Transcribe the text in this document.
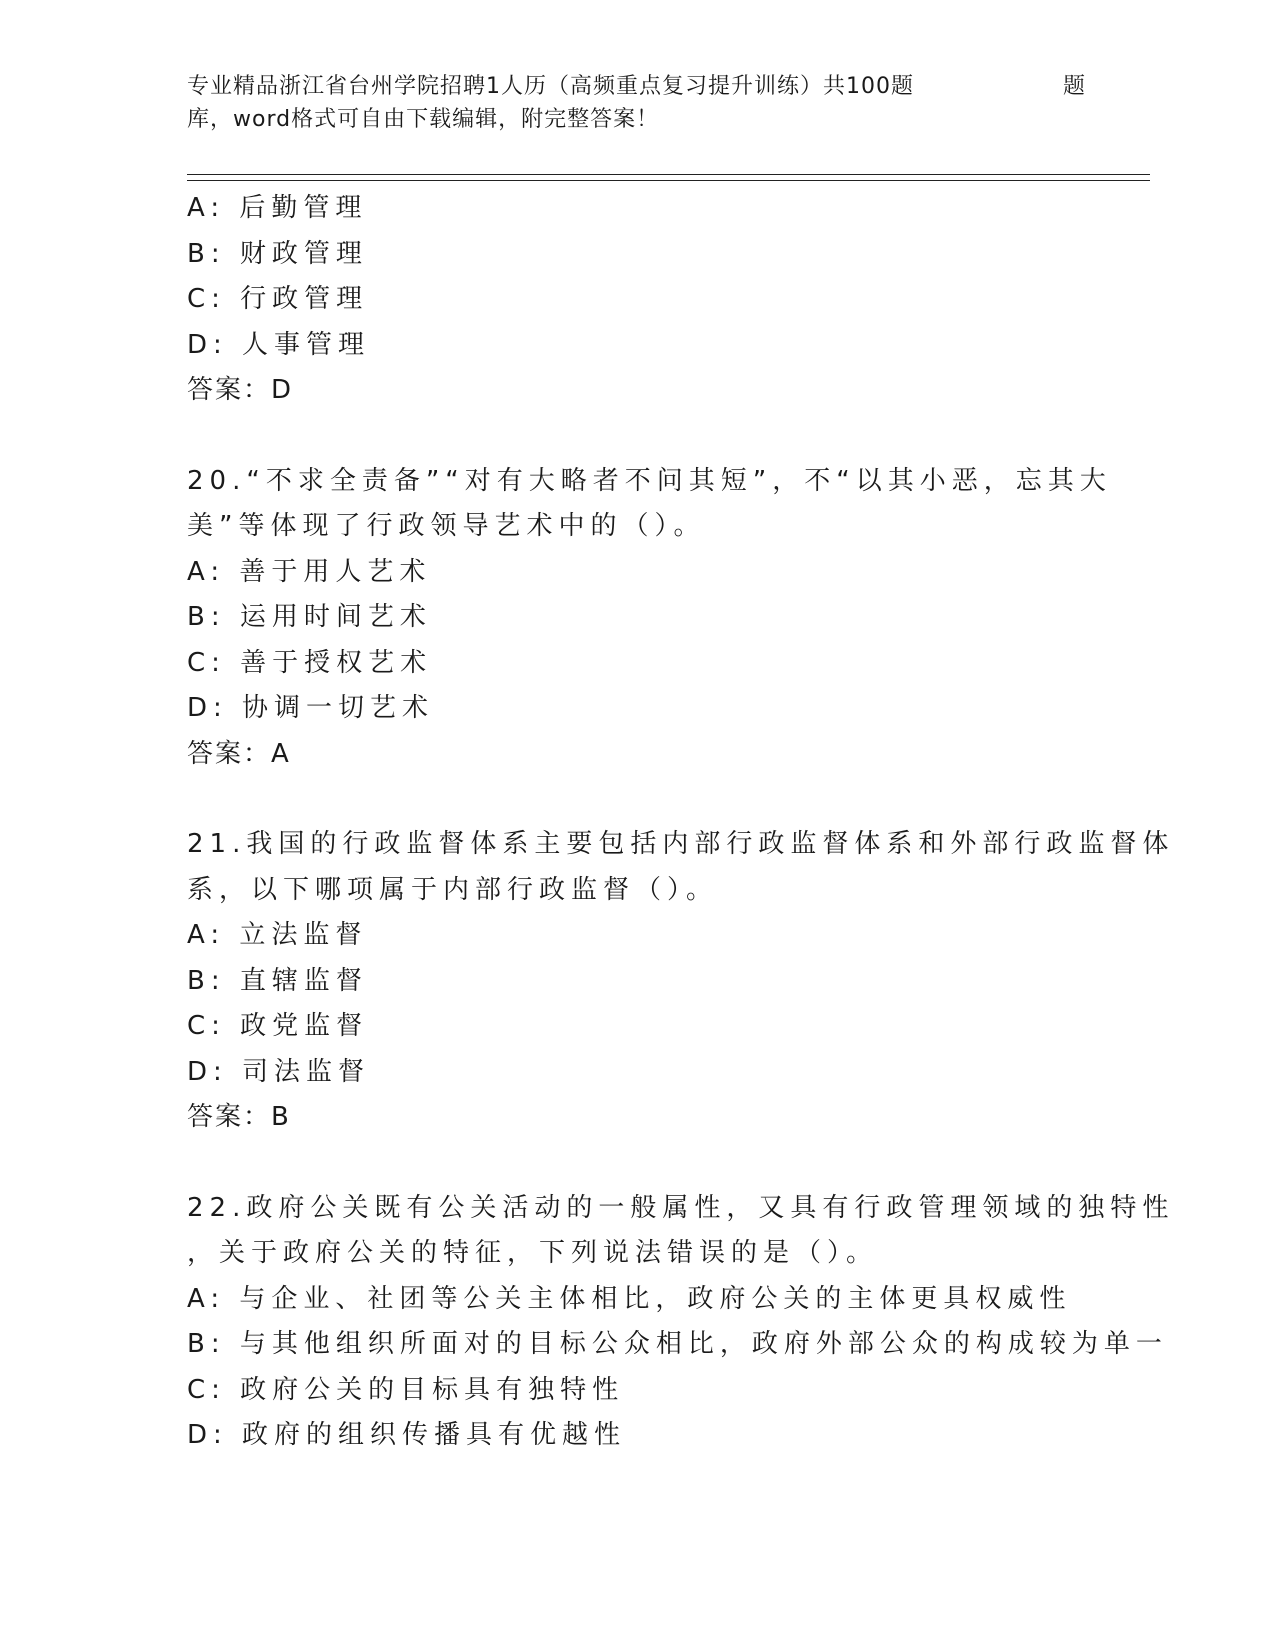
专业精品浙江省台州学院招聘1人历（高频重点复习提升训练）共100题	题
库，word格式可自由下载编辑，附完整答案！
A: 后勤管理
B: 财政管理
C: 行政管理
D: 人事管理
答案：D
20.“不求全责备”“对有大略者不问其短”，不“以其小恶，忘其大
美”等体现了行政领导艺术中的（）。
A: 善于用人艺术
B: 运用时间艺术
C: 善于授权艺术
D: 协调一切艺术
答案：A
21.我国的行政监督体系主要包括内部行政监督体系和外部行政监督体
系，以下哪项属于内部行政监督（）。
A: 立法监督
B: 直辖监督
C: 政党监督
D: 司法监督
答案：B
22.政府公关既有公关活动的一般属性，又具有行政管理领域的独特性
，关于政府公关的特征，下列说法错误的是（）。
A: 与企业、社团等公关主体相比，政府公关的主体更具权威性
B: 与其他组织所面对的目标公众相比，政府外部公众的构成较为单一
C: 政府公关的目标具有独特性
D: 政府的组织传播具有优越性
